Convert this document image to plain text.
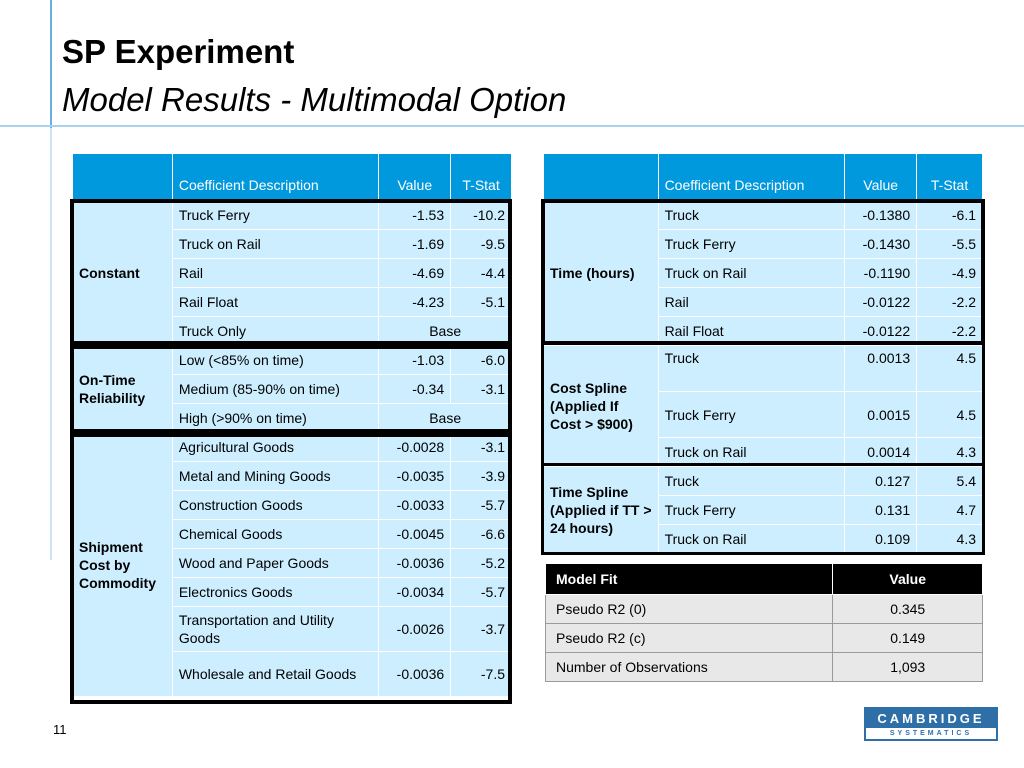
SP Experiment
Model Results - Multimodal Option
	Coefficient Description	Value	T-Stat
Constant	Truck Ferry	-1.53	-10.2
	Truck on Rail	-1.69	-9.5
	Rail	-4.69	-4.4
	Rail Float	-4.23	-5.1
	Truck Only	Base	
On-Time Reliability	Low (<85% on time)	-1.03	-6.0
	Medium (85-90% on time)	-0.34	-3.1
	High (>90% on time)	Base	
Shipment Cost by Commodity	Agricultural Goods	-0.0028	-3.1
	Metal and Mining Goods	-0.0035	-3.9
	Construction Goods	-0.0033	-5.7
	Chemical Goods	-0.0045	-6.6
	Wood and Paper Goods	-0.0036	-5.2
	Electronics Goods	-0.0034	-5.7
	Transportation and Utility Goods	-0.0026	-3.7
	Wholesale and Retail Goods	-0.0036	-7.5
	Coefficient Description	Value	T-Stat
Time (hours)	Truck	-0.1380	-6.1
	Truck Ferry	-0.1430	-5.5
	Truck on Rail	-0.1190	-4.9
	Rail	-0.0122	-2.2
	Rail Float	-0.0122	-2.2
Cost Spline (Applied If Cost > $900)	Truck	0.0013	4.5
	Truck Ferry	0.0015	4.5
	Truck on Rail	0.0014	4.3
Time Spline (Applied if TT > 24 hours)	Truck	0.127	5.4
	Truck Ferry	0.131	4.7
	Truck on Rail	0.109	4.3
Model Fit	Value
Pseudo R2 (0)	0.345
Pseudo R2 (c)	0.149
Number of Observations	1,093
11
CAMBRIDGE
SYSTEMATICS
